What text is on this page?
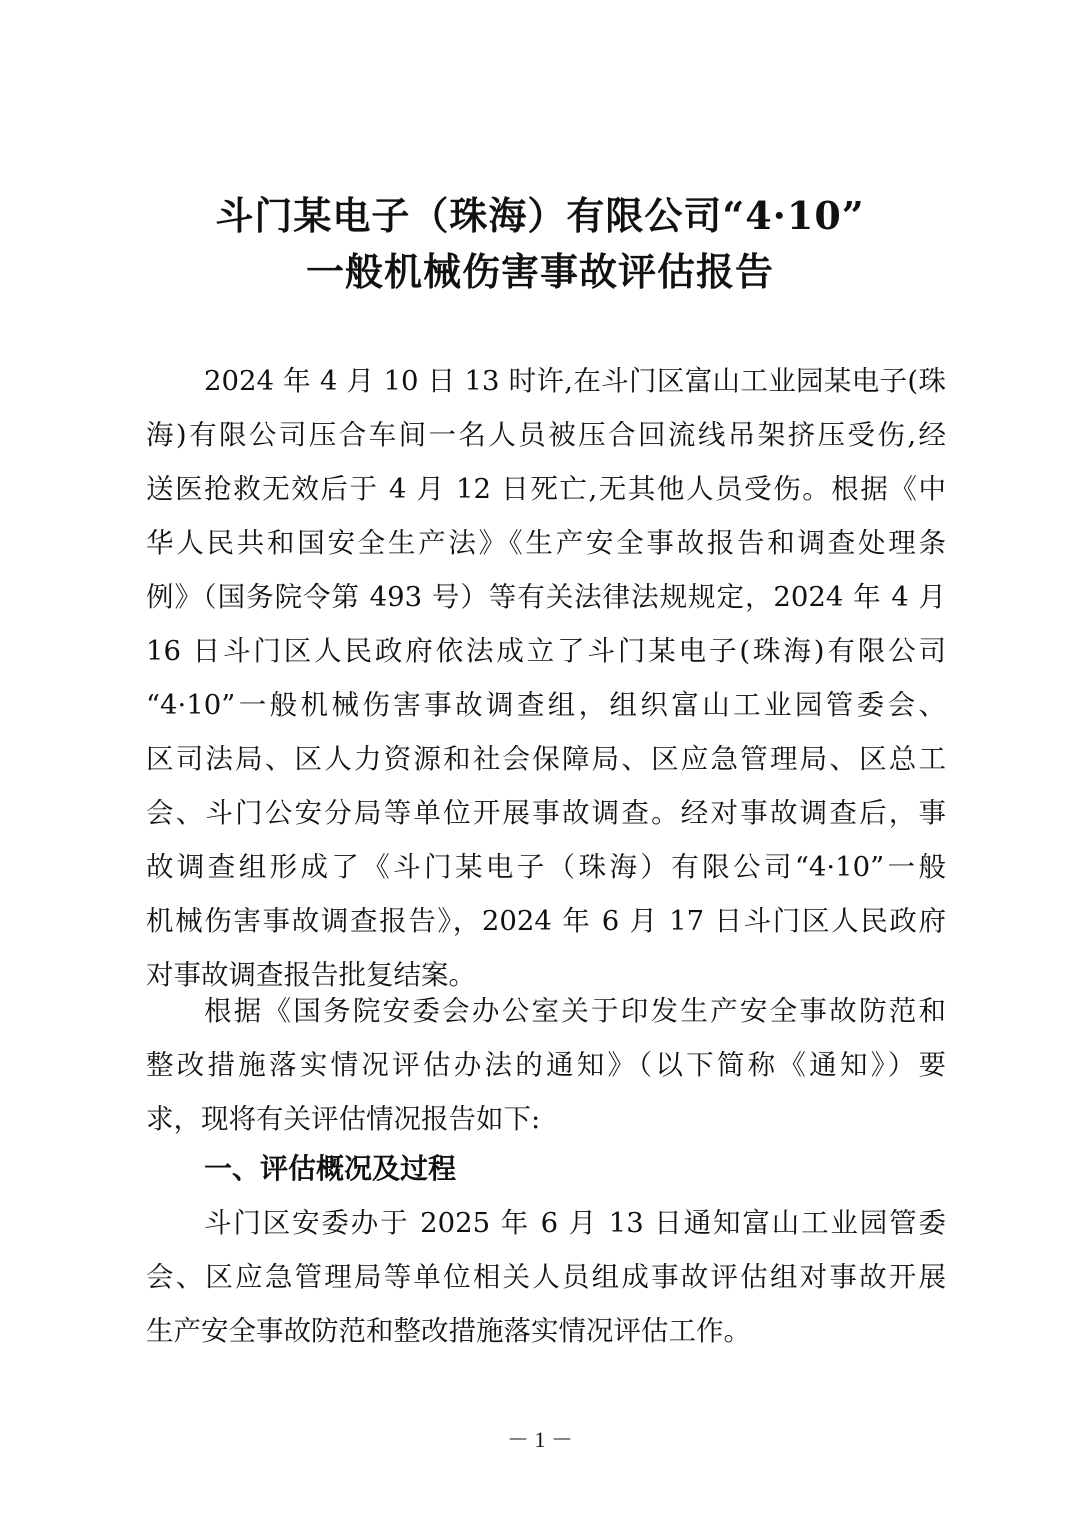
斗门某电子（珠海）有限公司“4·10”
一般机械伤害事故评估报告
2024 年 4 月 10 日 13 时许,在斗门区富山工业园某电子(珠
海)有限公司压合车间一名人员被压合回流线吊架挤压受伤,经
送医抢救无效后于 4 月 12 日死亡,无其他人员受伤。根据《中
华人民共和国安全生产法》《生产安全事故报告和调查处理条
例》（国务院令第 493 号）等有关法律法规规定，2024 年 4 月
16 日斗门区人民政府依法成立了斗门某电子(珠海)有限公司
“4·10”一般机械伤害事故调查组，组织富山工业园管委会、
区司法局、区人力资源和社会保障局、区应急管理局、区总工
会、斗门公安分局等单位开展事故调查。经对事故调查后，事
故调查组形成了《斗门某电子（珠海）有限公司“4·10”一般
机械伤害事故调查报告》，2024 年 6 月 17 日斗门区人民政府
对事故调查报告批复结案。
根据《国务院安委会办公室关于印发生产安全事故防范和
整改措施落实情况评估办法的通知》（以下简称《通知》）要
求，现将有关评估情况报告如下:
一、评估概况及过程
斗门区安委办于 2025 年 6 月 13 日通知富山工业园管委
会、区应急管理局等单位相关人员组成事故评估组对事故开展
生产安全事故防范和整改措施落实情况评估工作。
－ 1 －
